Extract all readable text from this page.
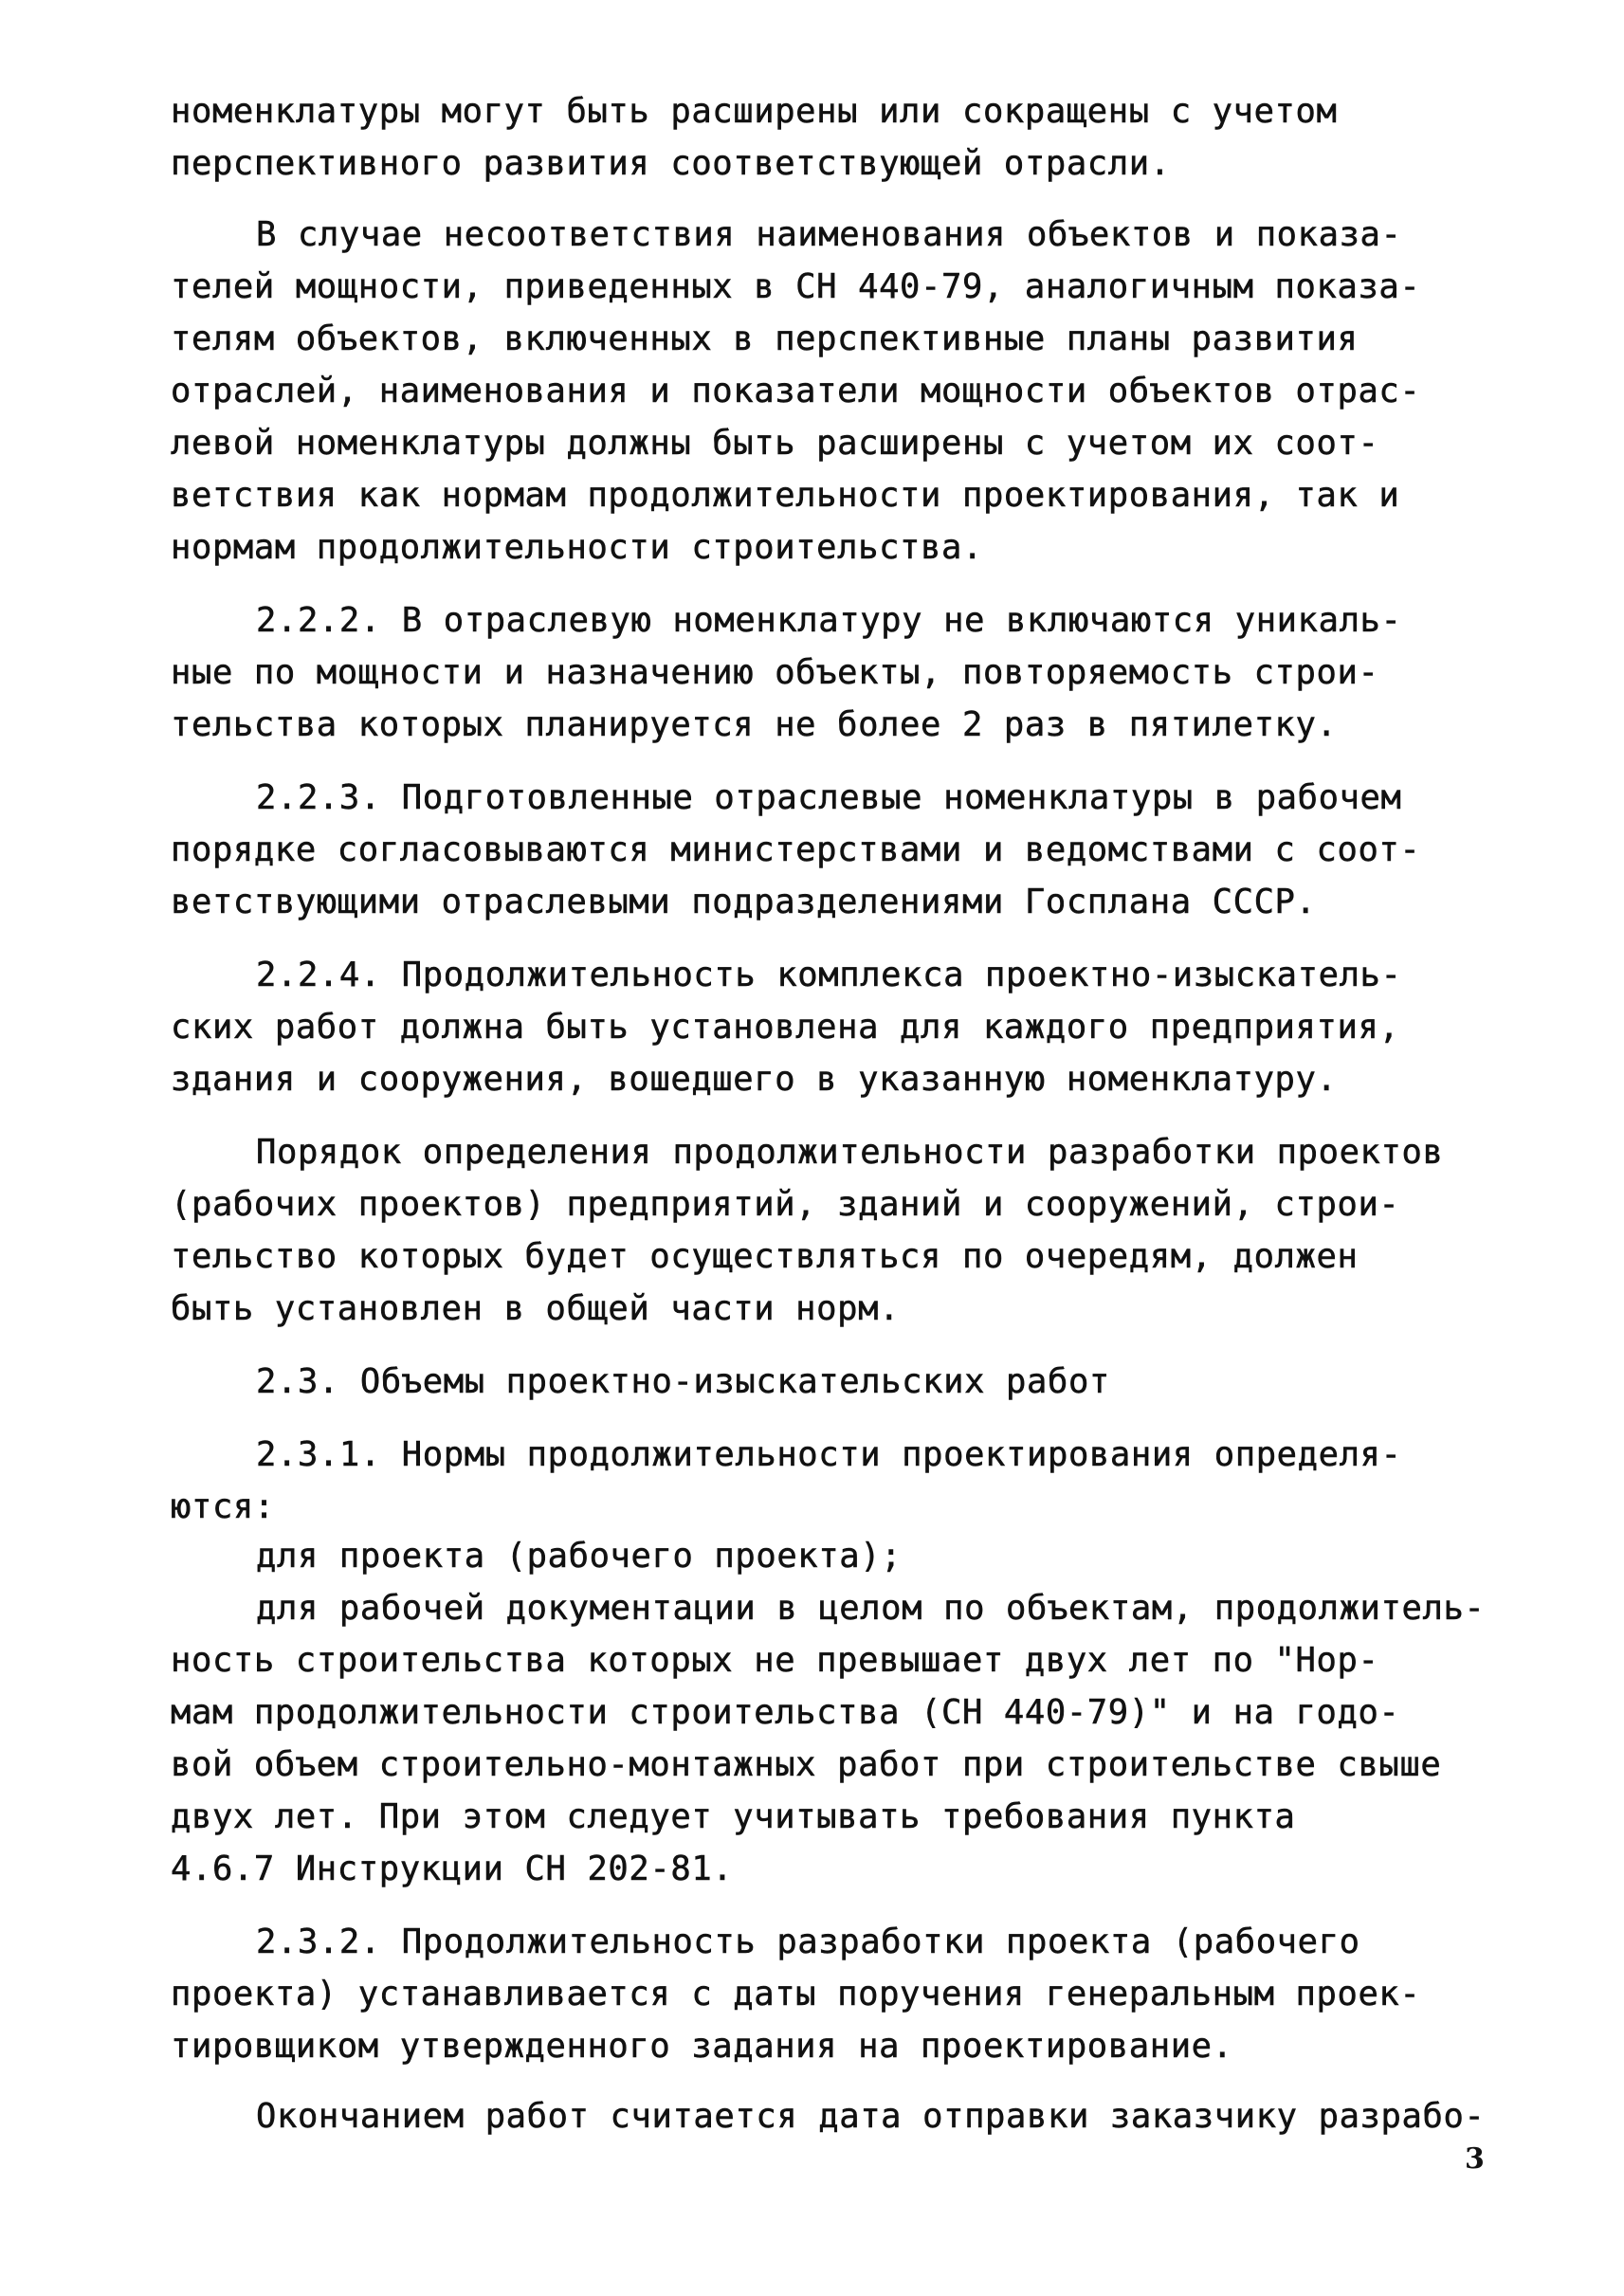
номенклатуры могут быть расширены или сокращены с учетом
перспективного развития соответствующей отрасли.
В случае несоответствия наименования объектов и показа-
телей мощности, приведенных в СН 440-79, аналогичным показа-
телям объектов, включенных в перспективные планы развития
отраслей, наименования и показатели мощности объектов отрас-
левой номенклатуры должны быть расширены с учетом их соот-
ветствия как нормам продолжительности проектирования, так и
нормам продолжительности строительства.
2.2.2. В отраслевую номенклатуру не включаются уникаль-
ные по мощности и назначению объекты, повторяемость строи-
тельства которых планируется не более 2 раз в пятилетку.
2.2.3. Подготовленные отраслевые номенклатуры в рабочем
порядке согласовываются министерствами и ведомствами с соот-
ветствующими отраслевыми подразделениями Госплана СССР.
2.2.4. Продолжительность комплекса проектно-изыскатель-
ских работ должна быть установлена для каждого предприятия,
здания и сооружения, вошедшего в указанную номенклатуру.
Порядок определения продолжительности разработки проектов
(рабочих проектов) предприятий, зданий и сооружений, строи-
тельство которых будет осуществляться по очередям, должен
быть установлен в общей части норм.
2.3. Объемы проектно-изыскательских работ
2.3.1. Нормы продолжительности проектирования определя-
ются:
для проекта (рабочего проекта);
для рабочей документации в целом по объектам, продолжитель-
ность строительства которых не превышает двух лет по "Нор-
мам продолжительности строительства (СН 440-79)" и на годо-
вой объем строительно-монтажных работ при строительстве свыше
двух лет. При этом следует учитывать требования пункта
4.6.7 Инструкции СН 202-81.
2.3.2. Продолжительность разработки проекта (рабочего
проекта) устанавливается с даты поручения генеральным проек-
тировщиком утвержденного задания на проектирование.
Окончанием работ считается дата отправки заказчику разрабо-
3
